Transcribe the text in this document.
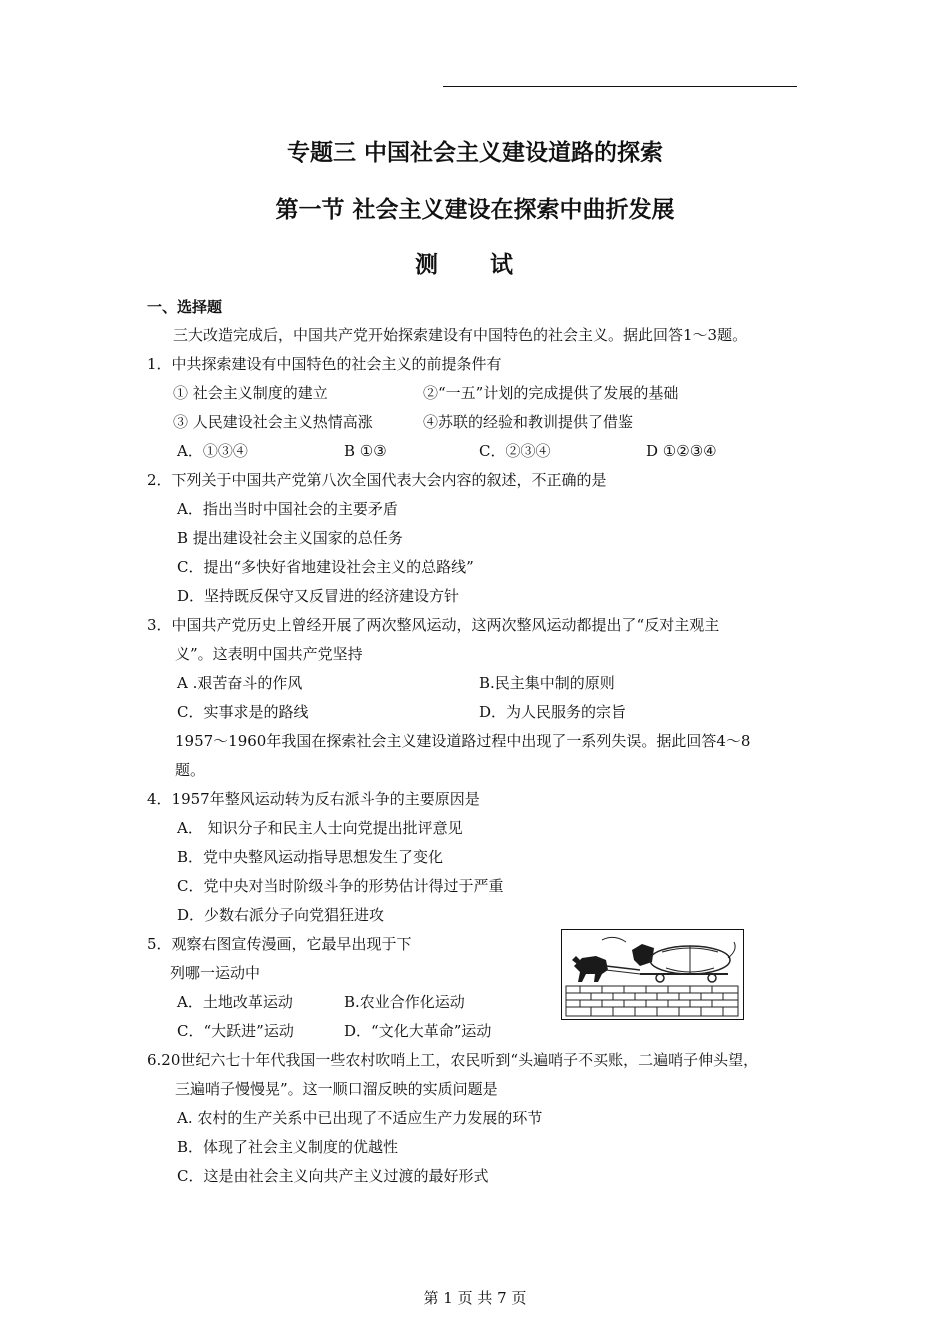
专题三 中国社会主义建设道路的探索
第一节 社会主义建设在探索中曲折发展
测 试
一、选择题
三大改造完成后，中国共产党开始探索建设有中国特色的社会主义。据此回答1～3题。
1．中共探索建设有中国特色的社会主义的前提条件有
① 社会主义制度的建立	②“一五”计划的完成提供了发展的基础
③ 人民建设社会主义热情高涨	④苏联的经验和教训提供了借鉴
A．①③④	B ①③	C．②③④	D ①②③④
2．下列关于中国共产党第八次全国代表大会内容的叙述，不正确的是
A．指出当时中国社会的主要矛盾
B 提出建设社会主义国家的总任务
C．提出“多快好省地建设社会主义的总路线”
D．坚持既反保守又反冒进的经济建设方针
3．中国共产党历史上曾经开展了两次整风运动，这两次整风运动都提出了“反对主观主
义”。这表明中国共产党坚持
A .艰苦奋斗的作风	B.民主集中制的原则
C．实事求是的路线	D．为人民服务的宗旨
1957～1960年我国在探索社会主义建设道路过程中出现了一系列失误。据此回答4～8
题。
4．1957年整风运动转为反右派斗争的主要原因是
A． 知识分子和民主人士向党提出批评意见
B．党中央整风运动指导思想发生了变化
C．党中央对当时阶级斗争的形势估计得过于严重
D．少数右派分子向党猖狂进攻
5．观察右图宣传漫画，它最早出现于下
列哪一运动中
A．土地改革运动	B.农业合作化运动
C．“大跃进”运动	D．“文化大革命”运动
6.20世纪六七十年代我国一些农村吹哨上工，农民听到“头遍哨子不买账，二遍哨子伸头望，
三遍哨子慢慢晃”。这一顺口溜反映的实质问题是
A. 农村的生产关系中已出现了不适应生产力发展的环节
B．体现了社会主义制度的优越性
C．这是由社会主义向共产主义过渡的最好形式
第 1 页 共 7 页
